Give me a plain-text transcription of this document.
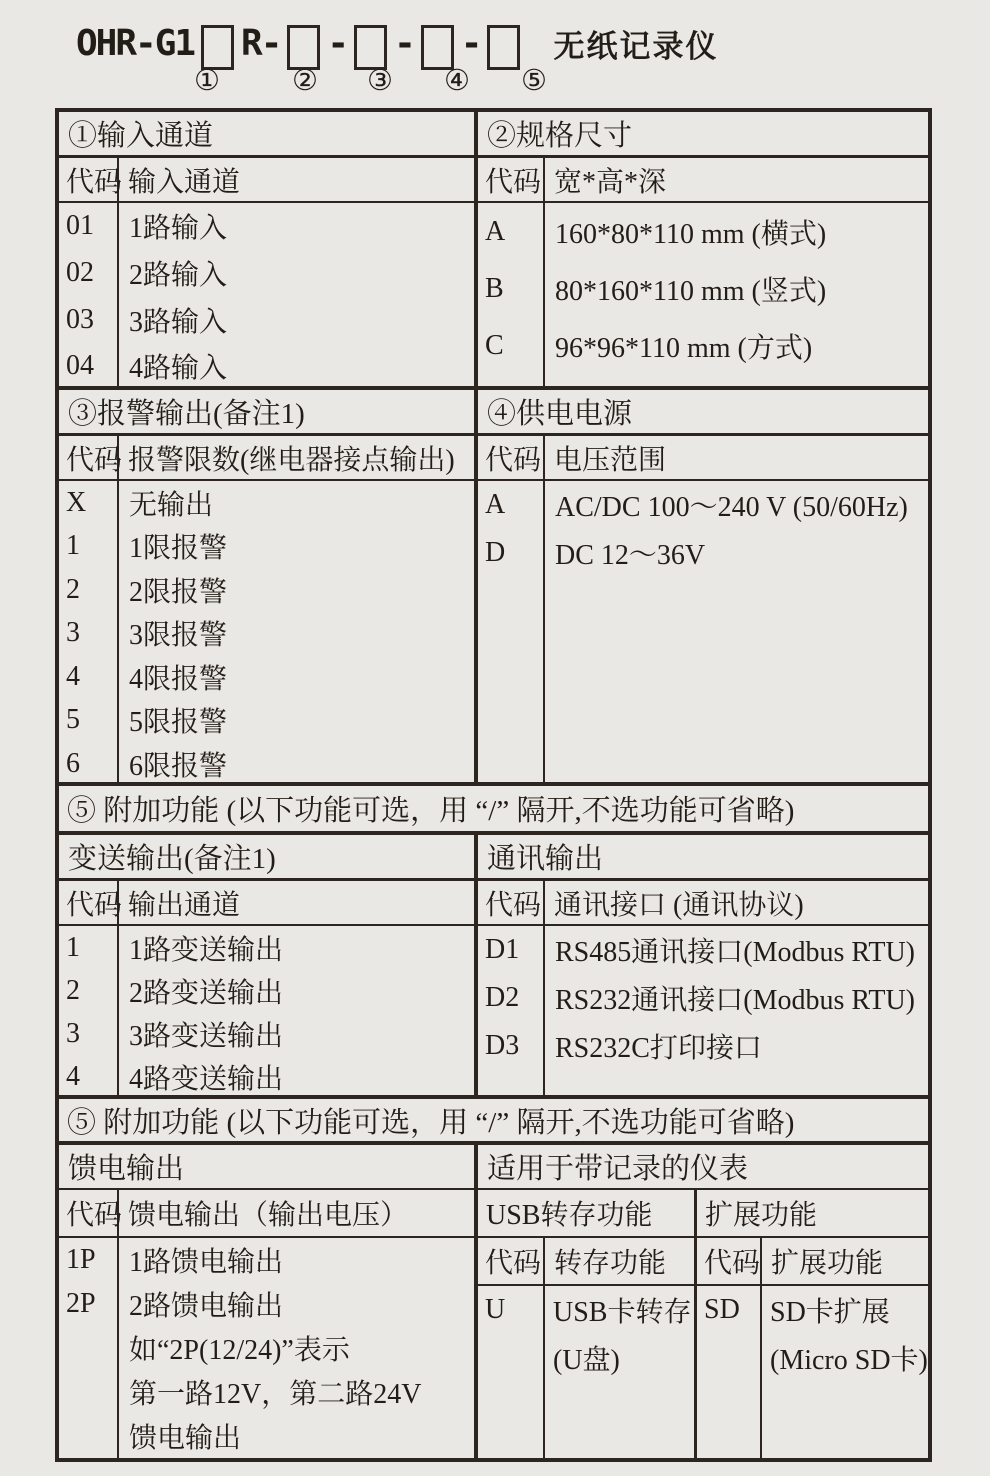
OHR-G1 R- - - - 无纸记录仪
① ② ③ ④ ⑤
①输入通道
代码 输入通道
01
02
03
04
1路输入
2路输入
3路输入
4路输入
②规格尺寸
代码 宽*高*深
A
B
C
160*80*110 mm (横式)
80*160*110 mm (竖式)
96*96*110 mm (方式)
③报警输出(备注1)
代码 报警限数(继电器接点输出)
X
1
2
3
4
5
6
无输出
1限报警
2限报警
3限报警
4限报警
5限报警
6限报警
④供电电源
代码 电压范围
A
D
AC/DC 100～240 V (50/60Hz)
DC 12～36V
⑤ 附加功能 (以下功能可选，用 “/” 隔开,不选功能可省略)
变送输出(备注1)
代码 输出通道
1
2
3
4
1路变送输出
2路变送输出
3路变送输出
4路变送输出
通讯输出
代码 通讯接口 (通讯协议)
D1
D2
D3
RS485通讯接口(Modbus RTU)
RS232通讯接口(Modbus RTU)
RS232C打印接口
⑤ 附加功能 (以下功能可选，用 “/” 隔开,不选功能可省略)
馈电输出
代码 馈电输出（输出电压）
1P
2P
1路馈电输出
2路馈电输出
如“2P(12/24)”表示
第一路12V，第二路24V
馈电输出
适用于带记录的仪表
USB转存功能
代码 转存功能
U	USB卡转存
(U盘)
扩展功能
代码 扩展功能
SD	SD卡扩展
(Micro SD卡)
